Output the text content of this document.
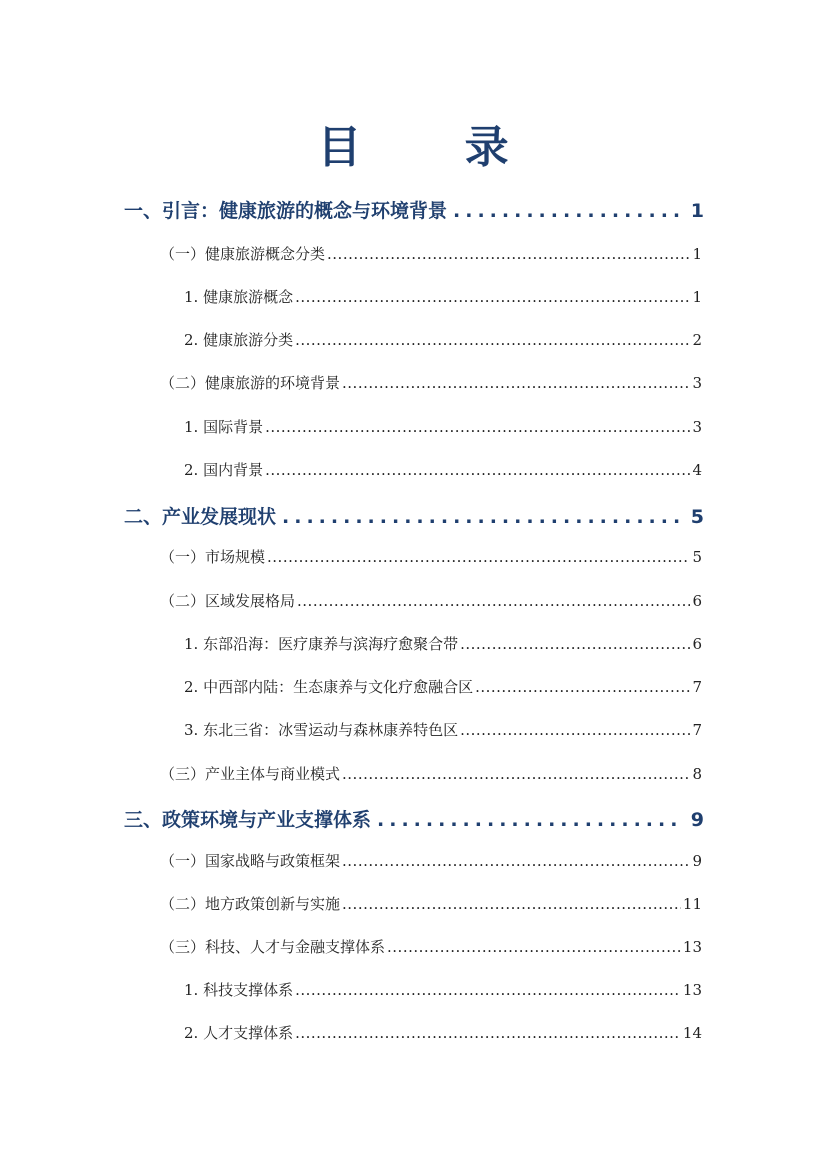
目 录
一、引言：健康旅游的概念与环境背景 .....	1
（一）健康旅游概念分类 .....	1
1. 健康旅游概念 .....	1
2. 健康旅游分类 .....	2
（二）健康旅游的环境背景 .....	3
1. 国际背景 .....	3
2. 国内背景 .....	4
二、产业发展现状 .....	5
（一）市场规模 .....	5
（二）区域发展格局 .....	6
1. 东部沿海：医疗康养与滨海疗愈聚合带 .....	6
2. 中西部内陆：生态康养与文化疗愈融合区 .....	7
3. 东北三省：冰雪运动与森林康养特色区 .....	7
（三）产业主体与商业模式 .....	8
三、政策环境与产业支撑体系 .....	9
（一）国家战略与政策框架 .....	9
（二）地方政策创新与实施 .....	11
（三）科技、人才与金融支撑体系 .....	13
1. 科技支撑体系 .....	13
2. 人才支撑体系 .....	14
